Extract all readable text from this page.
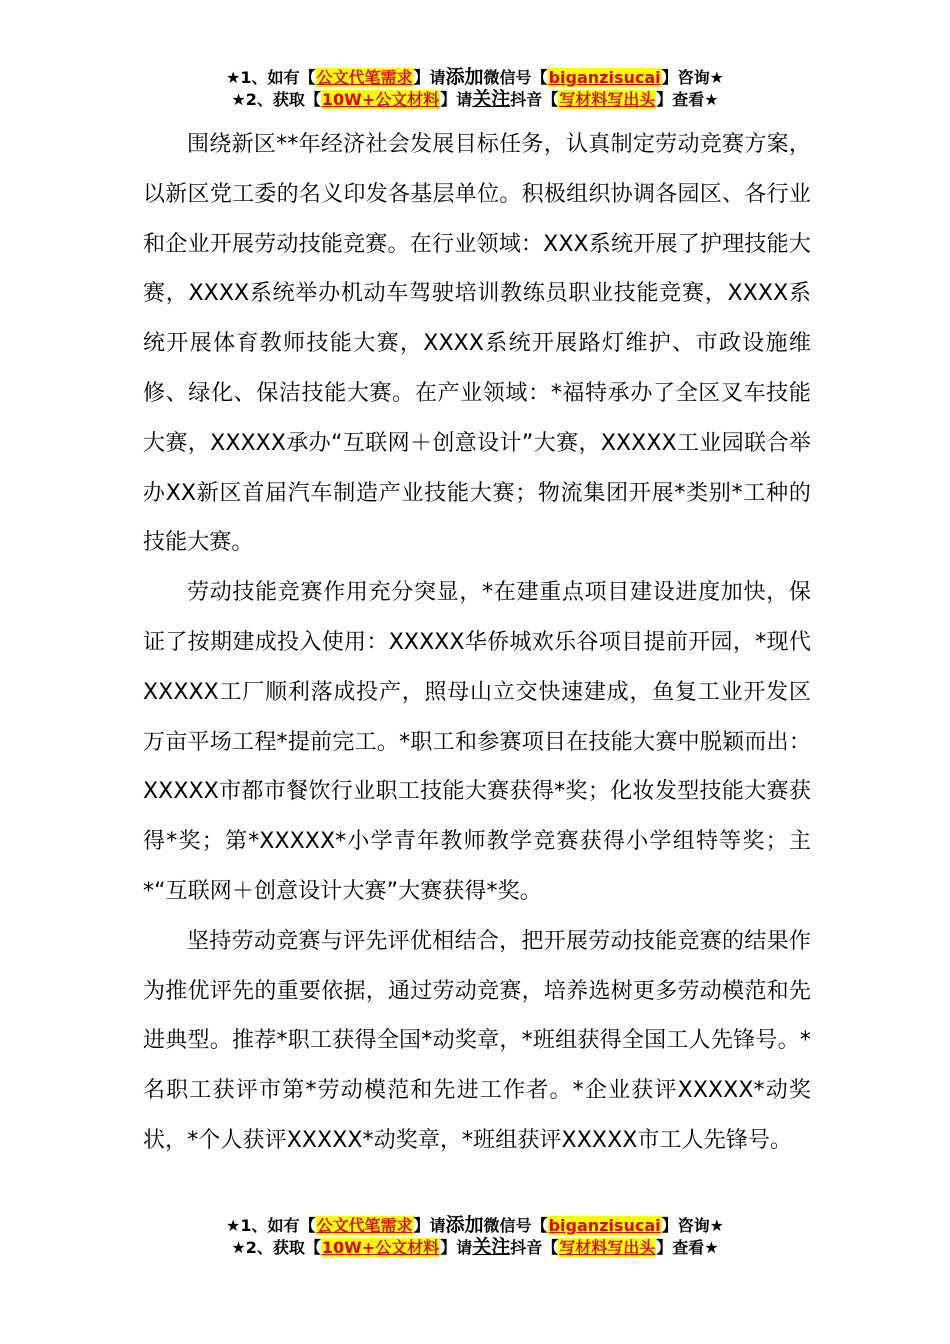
★1、如有【公文代笔需求】请添加微信号【biganzisucai】咨询★
★2、获取【10W+公文材料】请关注抖音【写材料写出头】查看★

围绕新区**年经济社会发展目标任务，认真制定劳动竞赛方案，以新区党工委的名义印发各基层单位。积极组织协调各园区、各行业和企业开展劳动技能竞赛。在行业领域：XXX系统开展了护理技能大赛，XXXX系统举办机动车驾驶培训教练员职业技能竞赛，XXXX系统开展体育教师技能大赛，XXXX系统开展路灯维护、市政设施维修、绿化、保洁技能大赛。在产业领域：*福特承办了全区叉车技能大赛，XXXXX承办“互联网＋创意设计”大赛，XXXXX工业园联合举办XX新区首届汽车制造产业技能大赛；物流集团开展*类别*工种的技能大赛。

劳动技能竞赛作用充分突显，*在建重点项目建设进度加快，保证了按期建成投入使用：XXXXX华侨城欢乐谷项目提前开园，*现代XXXXX工厂顺利落成投产，照母山立交快速建成，鱼复工业开发区万亩平场工程*提前完工。*职工和参赛项目在技能大赛中脱颖而出：XXXXX市都市餐饮行业职工技能大赛获得*奖；化妆发型技能大赛获得*奖；第*XXXXX*小学青年教师教学竞赛获得小学组特等奖；主*“互联网＋创意设计大赛”大赛获得*奖。

坚持劳动竞赛与评先评优相结合，把开展劳动技能竞赛的结果作为推优评先的重要依据，通过劳动竞赛，培养选树更多劳动模范和先进典型。推荐*职工获得全国*动奖章，*班组获得全国工人先锋号。*名职工获评市第*劳动模范和先进工作者。*企业获评XXXXX*动奖状，*个人获评XXXXX*动奖章，*班组获评XXXXX市工人先锋号。

★1、如有【公文代笔需求】请添加微信号【biganzisucai】咨询★
★2、获取【10W+公文材料】请关注抖音【写材料写出头】查看★
